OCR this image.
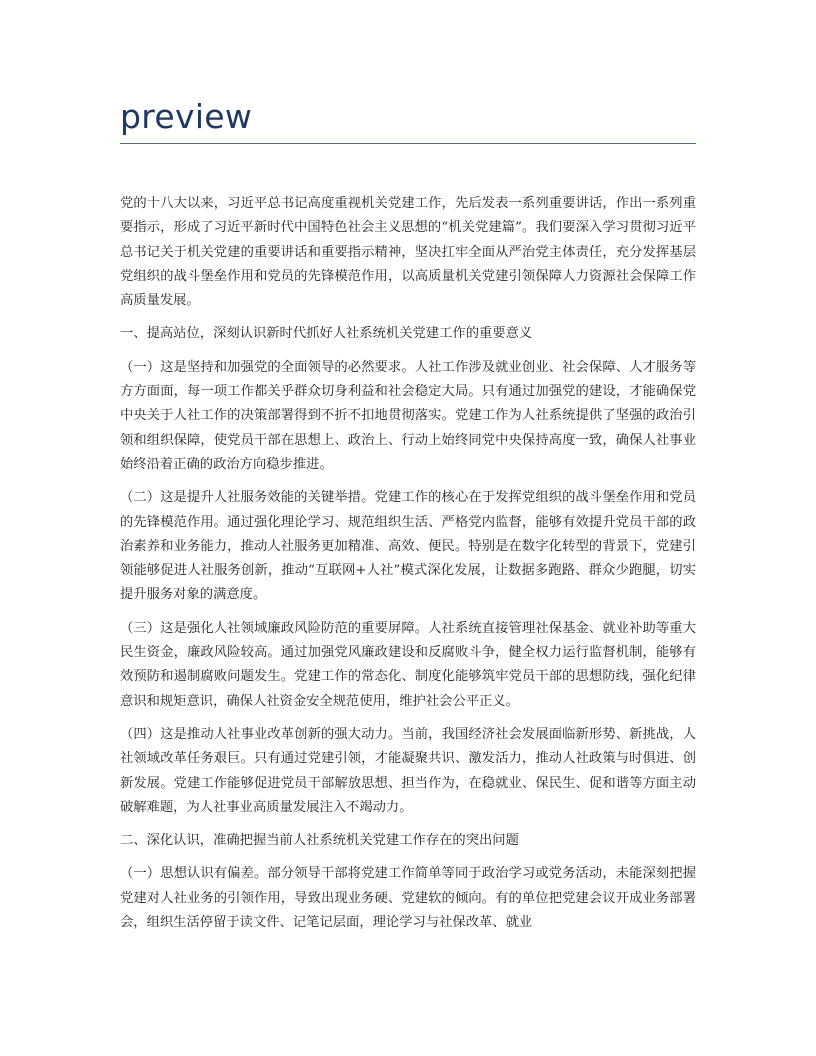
preview

党的十八大以来，习近平总书记高度重视机关党建工作，先后发表一系列重要讲话，作出一系列重要指示，形成了习近平新时代中国特色社会主义思想的“机关党建篇”。我们要深入学习贯彻习近平总书记关于机关党建的重要讲话和重要指示精神，坚决扛牢全面从严治党主体责任，充分发挥基层党组织的战斗堡垒作用和党员的先锋模范作用，以高质量机关党建引领保障人力资源社会保障工作高质量发展。

一、提高站位，深刻认识新时代抓好人社系统机关党建工作的重要意义

（一）这是坚持和加强党的全面领导的必然要求。人社工作涉及就业创业、社会保障、人才服务等方方面面，每一项工作都关乎群众切身利益和社会稳定大局。只有通过加强党的建设，才能确保党中央关于人社工作的决策部署得到不折不扣地贯彻落实。党建工作为人社系统提供了坚强的政治引领和组织保障，使党员干部在思想上、政治上、行动上始终同党中央保持高度一致，确保人社事业始终沿着正确的政治方向稳步推进。

（二）这是提升人社服务效能的关键举措。党建工作的核心在于发挥党组织的战斗堡垒作用和党员的先锋模范作用。通过强化理论学习、规范组织生活、严格党内监督，能够有效提升党员干部的政治素养和业务能力，推动人社服务更加精准、高效、便民。特别是在数字化转型的背景下，党建引领能够促进人社服务创新，推动“互联网+人社”模式深化发展，让数据多跑路、群众少跑腿，切实提升服务对象的满意度。

（三）这是强化人社领域廉政风险防范的重要屏障。人社系统直接管理社保基金、就业补助等重大民生资金，廉政风险较高。通过加强党风廉政建设和反腐败斗争，健全权力运行监督机制，能够有效预防和遏制腐败问题发生。党建工作的常态化、制度化能够筑牢党员干部的思想防线，强化纪律意识和规矩意识，确保人社资金安全规范使用，维护社会公平正义。

（四）这是推动人社事业改革创新的强大动力。当前，我国经济社会发展面临新形势、新挑战，人社领域改革任务艰巨。只有通过党建引领，才能凝聚共识、激发活力，推动人社政策与时俱进、创新发展。党建工作能够促进党员干部解放思想、担当作为，在稳就业、保民生、促和谐等方面主动破解难题，为人社事业高质量发展注入不竭动力。

二、深化认识，准确把握当前人社系统机关党建工作存在的突出问题

（一）思想认识有偏差。部分领导干部将党建工作简单等同于政治学习或党务活动，未能深刻把握党建对人社业务的引领作用，导致出现业务硬、党建软的倾向。有的单位把党建会议开成业务部署会，组织生活停留于读文件、记笔记层面，理论学习与社保改革、就业
